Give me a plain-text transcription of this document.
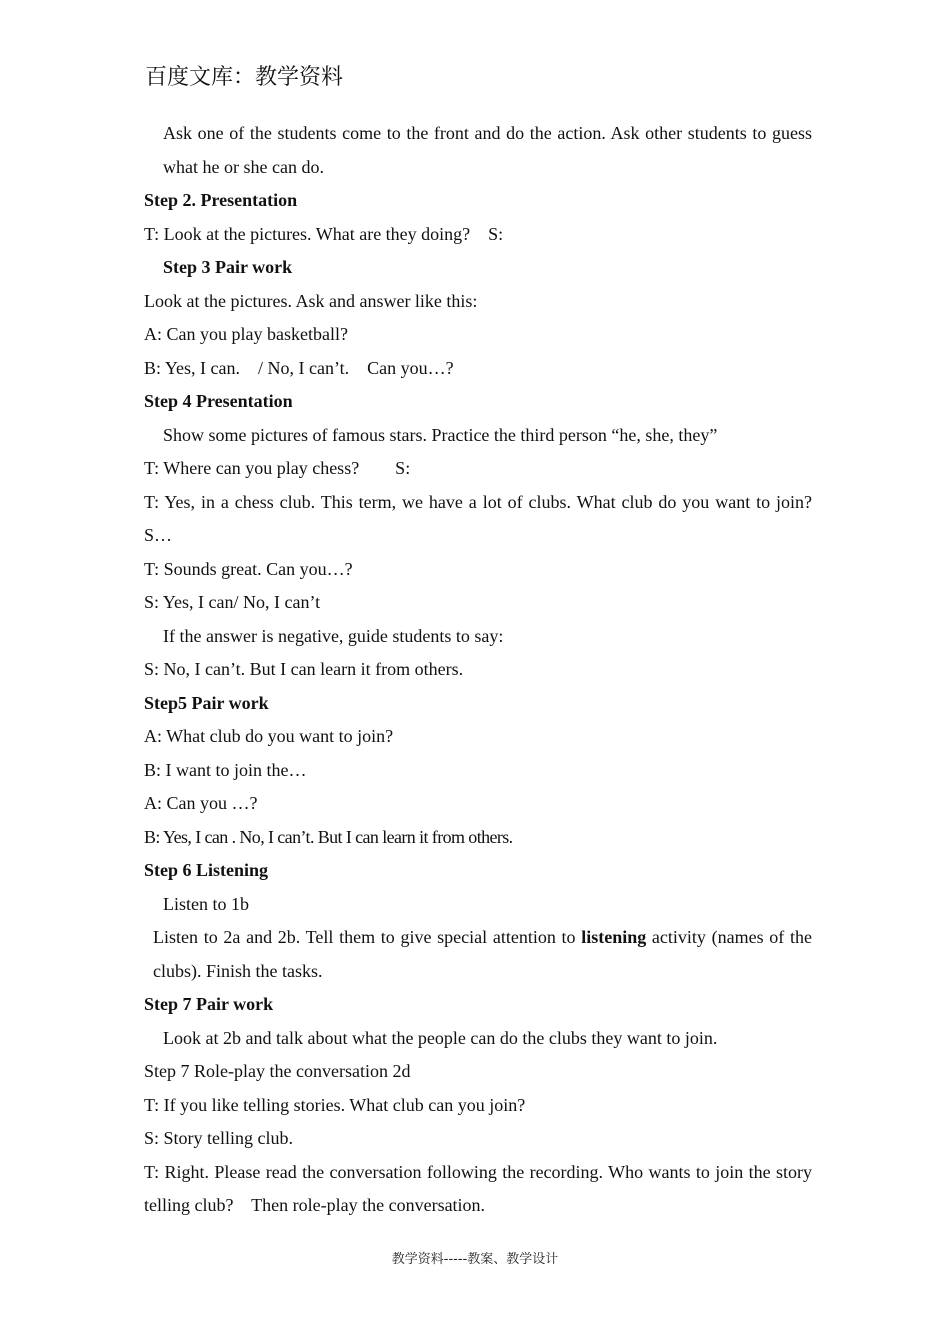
百度文库：教学资料

Ask one of the students come to the front and do the action. Ask other students to guess what he or she can do.

Step 2. Presentation

T: Look at the pictures. What are they doing?    S:

Step 3 Pair work

Look at the pictures. Ask and answer like this:

A: Can you play basketball?

B: Yes, I can.    / No, I can’t.    Can you…?

Step 4 Presentation

Show some pictures of famous stars. Practice the third person “he, she, they”

T: Where can you play chess?        S:

T: Yes, in a chess club. This term, we have a lot of clubs. What club do you want to join?          S…

T: Sounds great. Can you…?

S: Yes, I can/ No, I can’t

If the answer is negative, guide students to say:

S: No, I can’t. But I can learn it from others.

Step5 Pair work

A: What club do you want to join?

B: I want to join the…

A: Can you …?

B: Yes, I can . No, I can’t. But I can learn it from others.

Step 6 Listening

Listen to 1b

Listen to 2a and 2b. Tell them to give special attention to listening activity (names of the clubs). Finish the tasks.

Step 7 Pair work

Look at 2b and talk about what the people can do the clubs they want to join.

Step 7 Role-play the conversation 2d

T: If you like telling stories. What club can you join?

S: Story telling club.

T: Right. Please read the conversation following the recording. Who wants to join the story telling club?    Then role-play the conversation.

教学资料-----教案、教学设计
